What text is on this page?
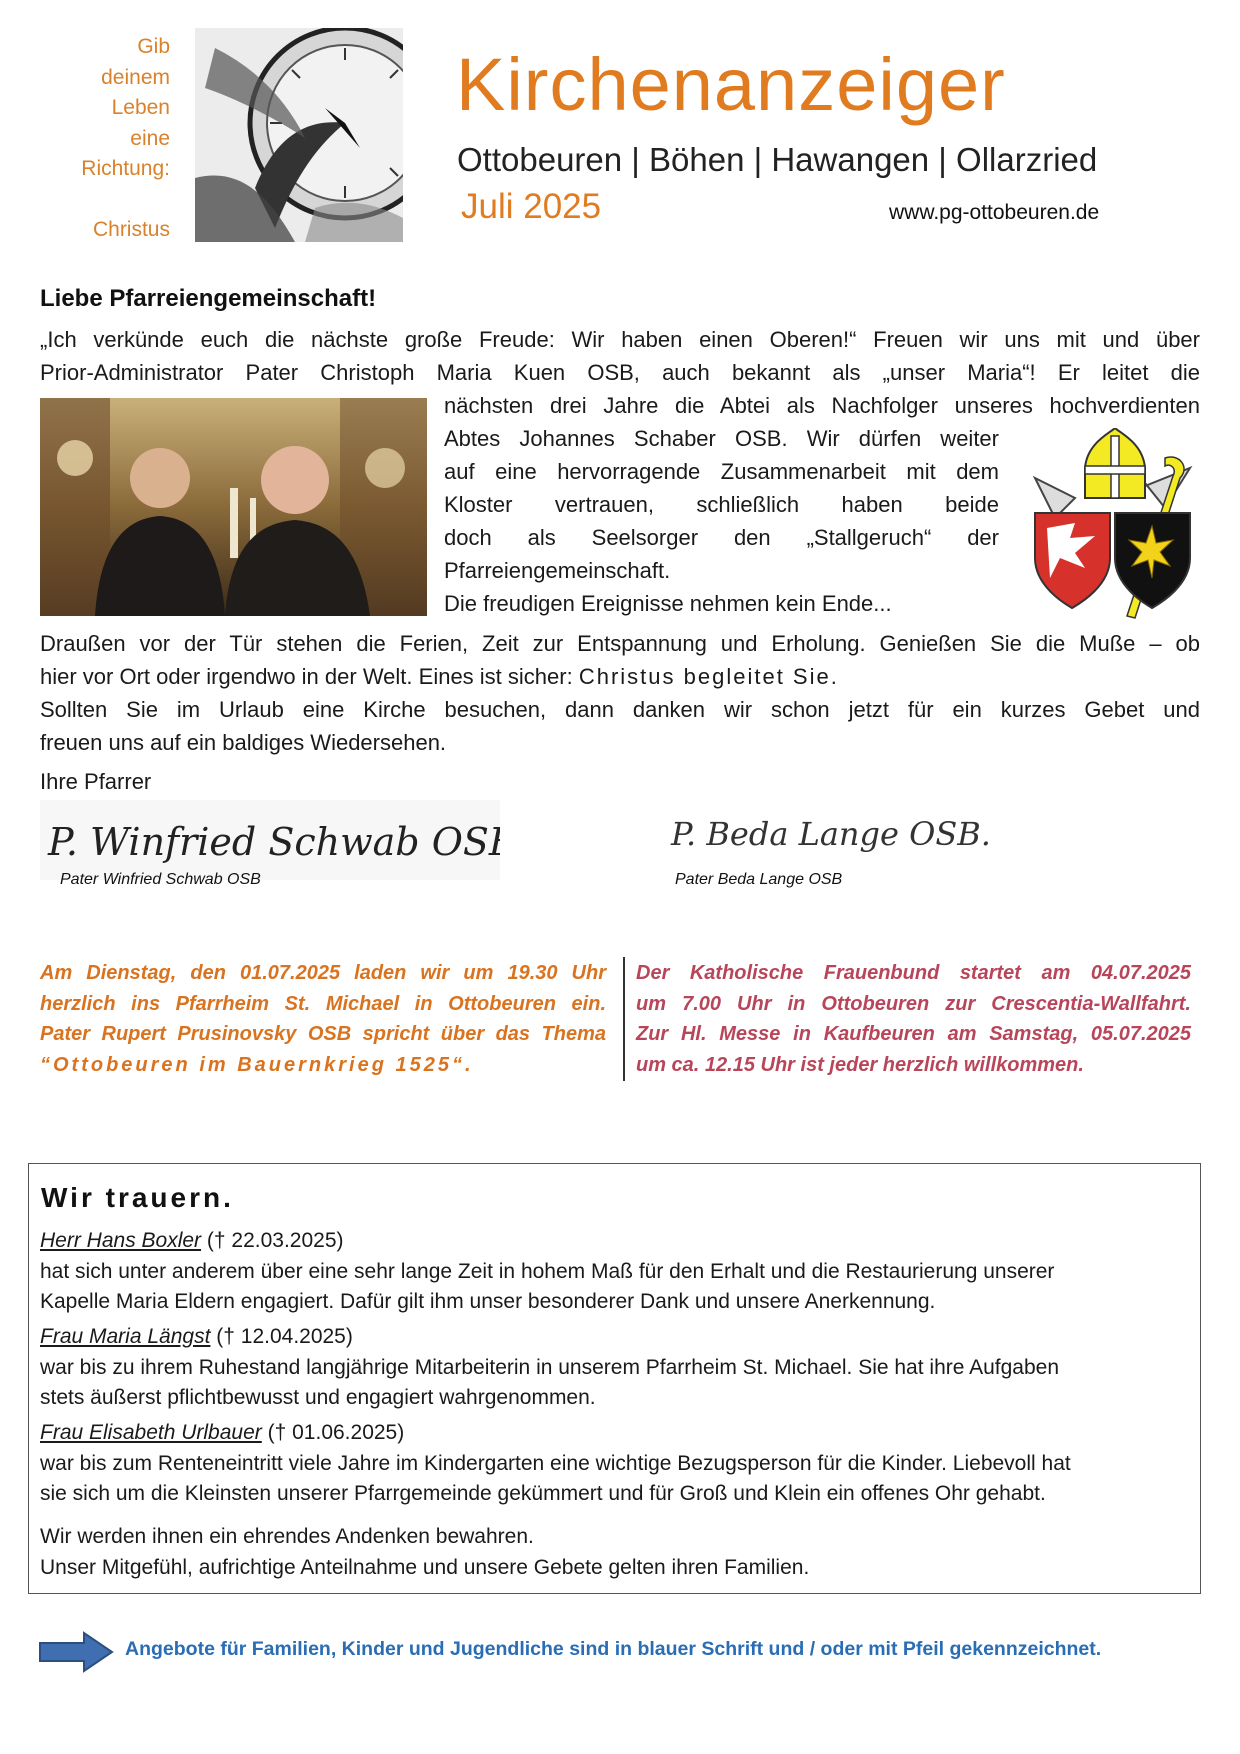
Gib
deinem
Leben
eine
Richtung:
Christus
Kirchenanzeiger
Ottobeuren | Böhen | Hawangen | Ollarzried
Juli 2025	www.pg-ottobeuren.de
Liebe Pfarreiengemeinschaft!
„Ich verkünde euch die nächste große Freude: Wir haben einen Oberen!“ Freuen wir uns mit und über
Prior-Administrator Pater Christoph Maria Kuen OSB, auch bekannt als „unser Maria“! Er leitet die
nächsten drei Jahre die Abtei als Nachfolger unseres hochverdienten
Abtes Johannes Schaber OSB. Wir dürfen weiter
auf eine hervorragende Zusammenarbeit mit dem
Kloster vertrauen, schließlich haben beide
doch als Seelsorger den „Stallgeruch“ der
Pfarreiengemeinschaft.
Die freudigen Ereignisse nehmen kein Ende...
Draußen vor der Tür stehen die Ferien, Zeit zur Entspannung und Erholung. Genießen Sie die Muße – ob
hier vor Ort oder irgendwo in der Welt. Eines ist sicher: Christus begleitet Sie.
Sollten Sie im Urlaub eine Kirche besuchen, dann danken wir schon jetzt für ein kurzes Gebet und
freuen uns auf ein baldiges Wiedersehen.
Ihre Pfarrer
P. Winfried Schwab OSB	P. Beda Lange OSB.
Pater Winfried Schwab OSB	Pater Beda Lange OSB
Am Dienstag, den 01.07.2025 laden wir um 19.30 Uhr
herzlich ins Pfarrheim St. Michael in Ottobeuren ein.
Pater Rupert Prusinovsky OSB spricht über das Thema
“Ottobeuren im Bauernkrieg 1525“.
Der Katholische Frauenbund startet am 04.07.2025
um 7.00 Uhr in Ottobeuren zur Crescentia-Wallfahrt.
Zur Hl. Messe in Kaufbeuren am Samstag, 05.07.2025
um ca. 12.15 Uhr ist jeder herzlich willkommen.
Wir trauern.
Herr Hans Boxler († 22.03.2025)
hat sich unter anderem über eine sehr lange Zeit in hohem Maß für den Erhalt und die Restaurierung unserer
Kapelle Maria Eldern engagiert. Dafür gilt ihm unser besonderer Dank und unsere Anerkennung.
Frau Maria Längst († 12.04.2025)
war bis zu ihrem Ruhestand langjährige Mitarbeiterin in unserem Pfarrheim St. Michael. Sie hat ihre Aufgaben
stets äußerst pflichtbewusst und engagiert wahrgenommen.
Frau Elisabeth Urlbauer († 01.06.2025)
war bis zum Renteneintritt viele Jahre im Kindergarten eine wichtige Bezugsperson für die Kinder. Liebevoll hat
sie sich um die Kleinsten unserer Pfarrgemeinde gekümmert und für Groß und Klein ein offenes Ohr gehabt.
Wir werden ihnen ein ehrendes Andenken bewahren.
Unser Mitgefühl, aufrichtige Anteilnahme und unsere Gebete gelten ihren Familien.
Angebote für Familien, Kinder und Jugendliche sind in blauer Schrift und / oder mit Pfeil gekennzeichnet.
